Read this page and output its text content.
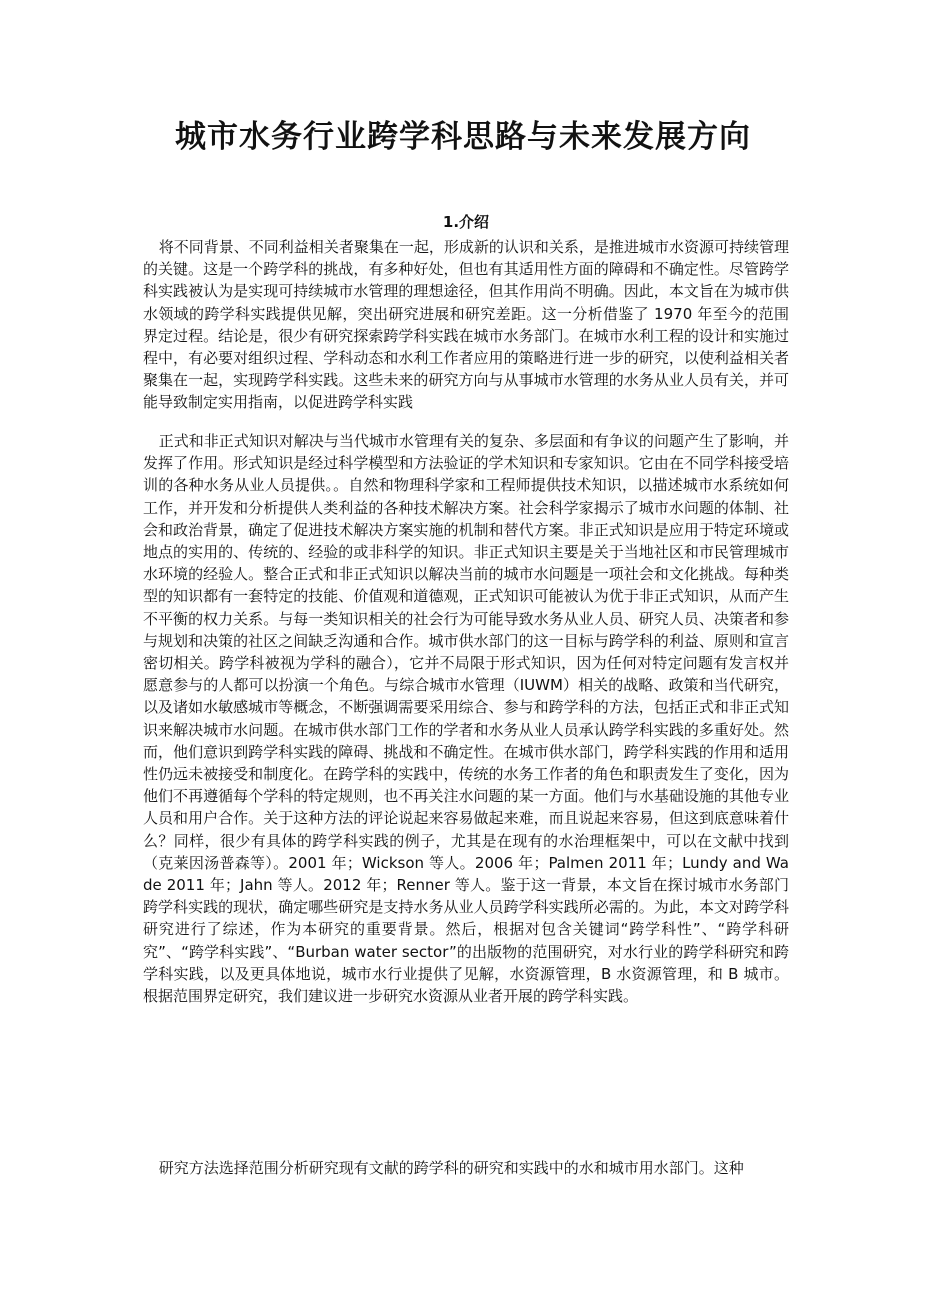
城市水务行业跨学科思路与未来发展方向
1.介绍

将不同背景、不同利益相关者聚集在一起，形成新的认识和关系，是推进城市水资源可持续管理的关键。这是一个跨学科的挑战，有多种好处，但也有其适用性方面的障碍和不确定性。尽管跨学科实践被认为是实现可持续城市水管理的理想途径，但其作用尚不明确。因此，本文旨在为城市供水领域的跨学科实践提供见解，突出研究进展和研究差距。这一分析借鉴了 1970 年至今的范围界定过程。结论是，很少有研究探索跨学科实践在城市水务部门。在城市水利工程的设计和实施过程中，有必要对组织过程、学科动态和水利工作者应用的策略进行进一步的研究，以使利益相关者聚集在一起，实现跨学科实践。这些未来的研究方向与从事城市水管理的水务从业人员有关，并可能导致制定实用指南，以促进跨学科实践

正式和非正式知识对解决与当代城市水管理有关的复杂、多层面和有争议的问题产生了影响，并发挥了作用。形式知识是经过科学模型和方法验证的学术知识和专家知识。它由在不同学科接受培训的各种水务从业人员提供。。自然和物理科学家和工程师提供技术知识，以描述城市水系统如何工作，并开发和分析提供人类利益的各种技术解决方案。社会科学家揭示了城市水问题的体制、社会和政治背景，确定了促进技术解决方案实施的机制和替代方案。非正式知识是应用于特定环境或地点的实用的、传统的、经验的或非科学的知识。非正式知识主要是关于当地社区和市民管理城市水环境的经验人。整合正式和非正式知识以解决当前的城市水问题是一项社会和文化挑战。每种类型的知识都有一套特定的技能、价值观和道德观，正式知识可能被认为优于非正式知识，从而产生不平衡的权力关系。与每一类知识相关的社会行为可能导致水务从业人员、研究人员、决策者和参与规划和决策的社区之间缺乏沟通和合作。城市供水部门的这一目标与跨学科的利益、原则和宣言密切相关。跨学科被视为学科的融合），它并不局限于形式知识，因为任何对特定问题有发言权并愿意参与的人都可以扮演一个角色。与综合城市水管理（IUWM）相关的战略、政策和当代研究，以及诸如水敏感城市等概念，不断强调需要采用综合、参与和跨学科的方法，包括正式和非正式知识来解决城市水问题。在城市供水部门工作的学者和水务从业人员承认跨学科实践的多重好处。然而，他们意识到跨学科实践的障碍、挑战和不确定性。在城市供水部门，跨学科实践的作用和适用性仍远未被接受和制度化。在跨学科的实践中，传统的水务工作者的角色和职责发生了变化，因为他们不再遵循每个学科的特定规则，也不再关注水问题的某一方面。他们与水基础设施的其他专业人员和用户合作。关于这种方法的评论说起来容易做起来难，而且说起来容易，但这到底意味着什么？同样，很少有具体的跨学科实践的例子，尤其是在现有的水治理框架中，可以在文献中找到（克莱因汤普森等）。2001 年；Wickson 等人。2006 年；Palmen 2011 年；Lundy and Wade 2011 年；Jahn 等人。2012 年；Renner 等人。鉴于这一背景，本文旨在探讨城市水务部门跨学科实践的现状，确定哪些研究是支持水务从业人员跨学科实践所必需的。为此，本文对跨学科研究进行了综述，作为本研究的重要背景。然后，根据对包含关键词“跨学科性”、“跨学科研究”、“跨学科实践”、“Burban water sector”的出版物的范围研究，对水行业的跨学科研究和跨学科实践，以及更具体地说，城市水行业提供了见解，水资源管理，B 水资源管理，和 B 城市。根据范围界定研究，我们建议进一步研究水资源从业者开展的跨学科实践。

研究方法选择范围分析研究现有文献的跨学科的研究和实践中的水和城市用水部门。这种
